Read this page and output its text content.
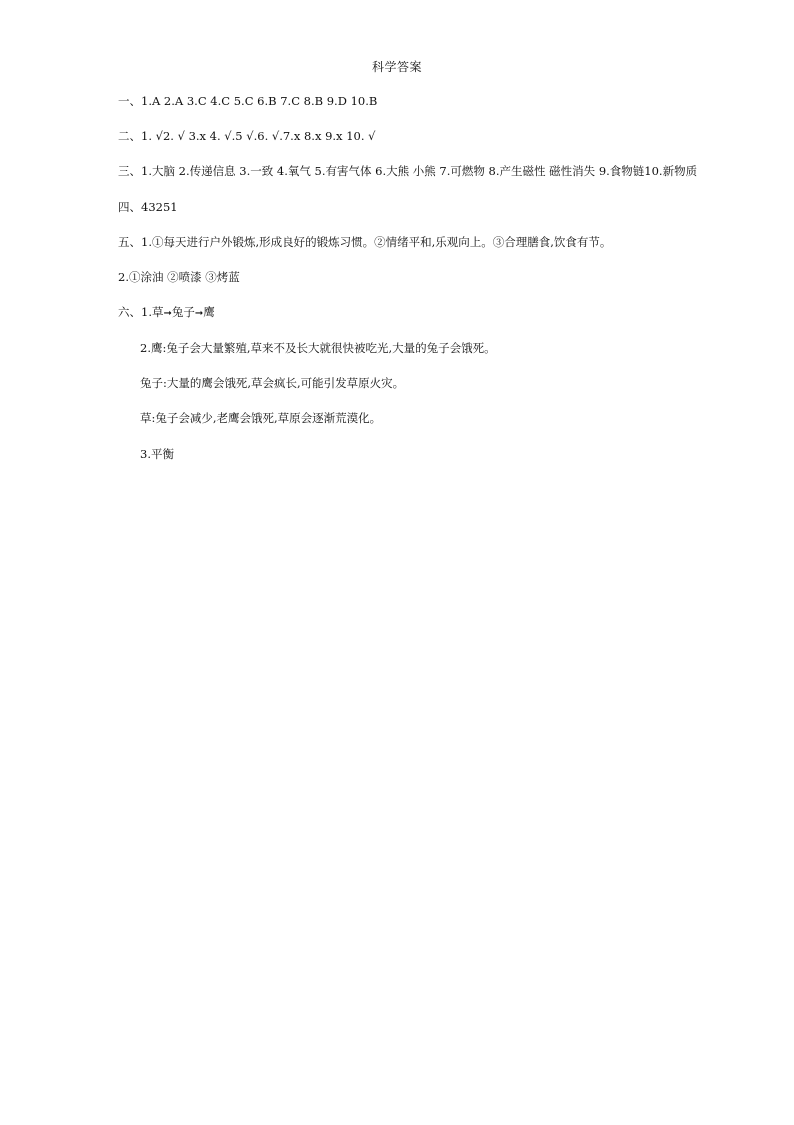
科学答案
一、1.A 2.A 3.C 4.C 5.C 6.B 7.C 8.B 9.D 10.B
二、1. √2. √ 3.x 4. √.5 √.6. √.7.x 8.x 9.x 10. √
三、1.大脑 2.传递信息 3.一致 4.氧气 5.有害气体 6.大熊 小熊 7.可燃物 8.产生磁性 磁性消失 9.食物链10.新物质
四、43251
五、1.①每天进行户外锻炼,形成良好的锻炼习惯。②情绪平和,乐观向上。③合理膳食,饮食有节。
2.①涂油 ②喷漆 ③烤蓝
六、1.草➞兔子➞鹰
2.鹰:兔子会大量繁殖,草来不及长大就很快被吃光,大量的兔子会饿死。
兔子:大量的鹰会饿死,草会疯长,可能引发草原火灾。
草:兔子会减少,老鹰会饿死,草原会逐渐荒漠化。
3.平衡
